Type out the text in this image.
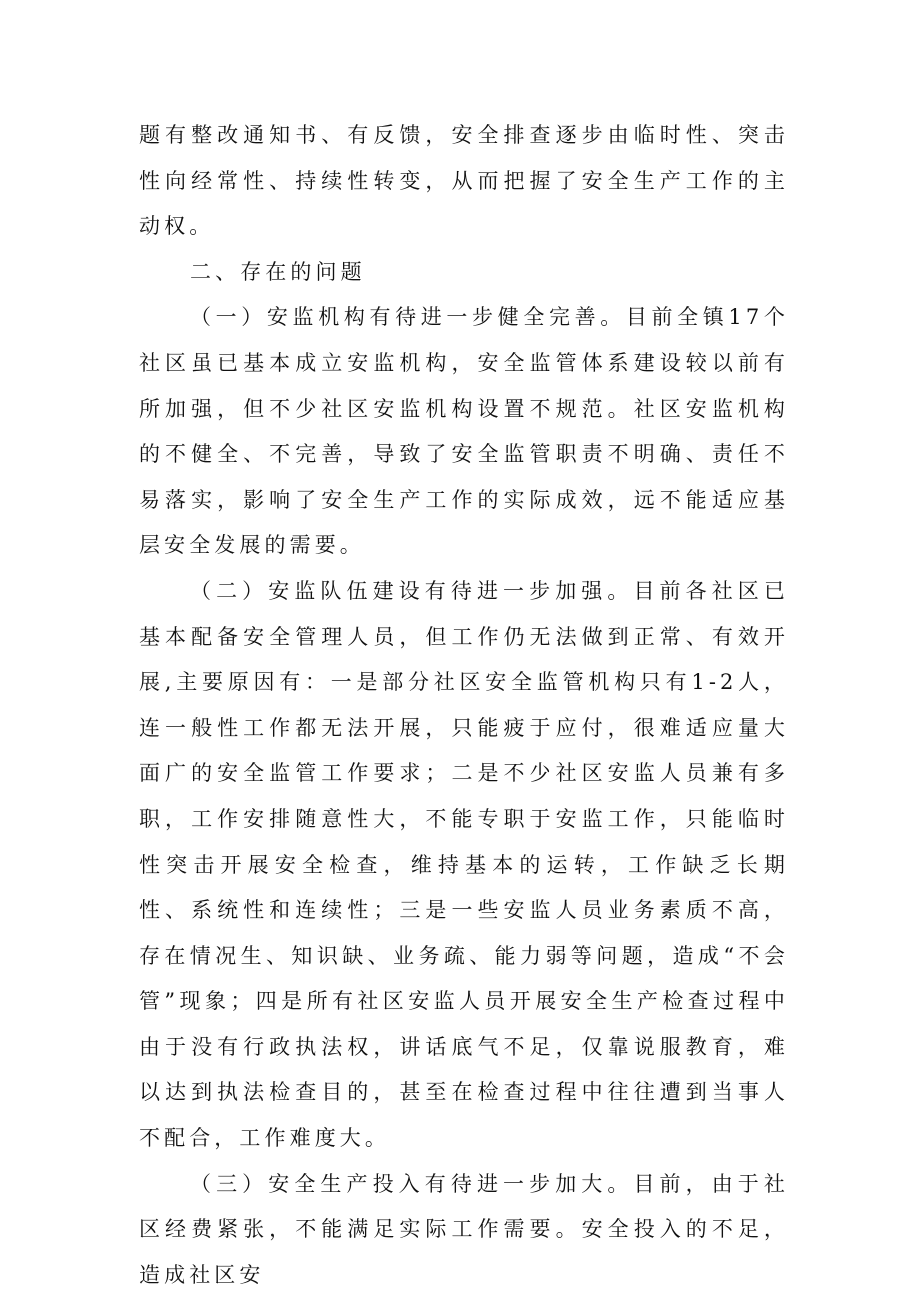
题有整改通知书、有反馈，安全排查逐步由临时性、突击性向经常性、持续性转变，从而把握了安全生产工作的主动权。

二、存在的问题

（一）安监机构有待进一步健全完善。目前全镇17个社区虽已基本成立安监机构，安全监管体系建设较以前有所加强，但不少社区安监机构设置不规范。社区安监机构的不健全、不完善，导致了安全监管职责不明确、责任不易落实，影响了安全生产工作的实际成效，远不能适应基层安全发展的需要。

（二）安监队伍建设有待进一步加强。目前各社区已基本配备安全管理人员，但工作仍无法做到正常、有效开展,主要原因有：一是部分社区安全监管机构只有1-2人，连一般性工作都无法开展，只能疲于应付，很难适应量大面广的安全监管工作要求；二是不少社区安监人员兼有多职，工作安排随意性大，不能专职于安监工作，只能临时性突击开展安全检查，维持基本的运转，工作缺乏长期性、系统性和连续性；三是一些安监人员业务素质不高，存在情况生、知识缺、业务疏、能力弱等问题，造成“不会管”现象；四是所有社区安监人员开展安全生产检查过程中由于没有行政执法权，讲话底气不足，仅靠说服教育，难以达到执法检查目的，甚至在检查过程中往往遭到当事人不配合，工作难度大。

（三）安全生产投入有待进一步加大。目前，由于社区经费紧张，不能满足实际工作需要。安全投入的不足，造成社区安
